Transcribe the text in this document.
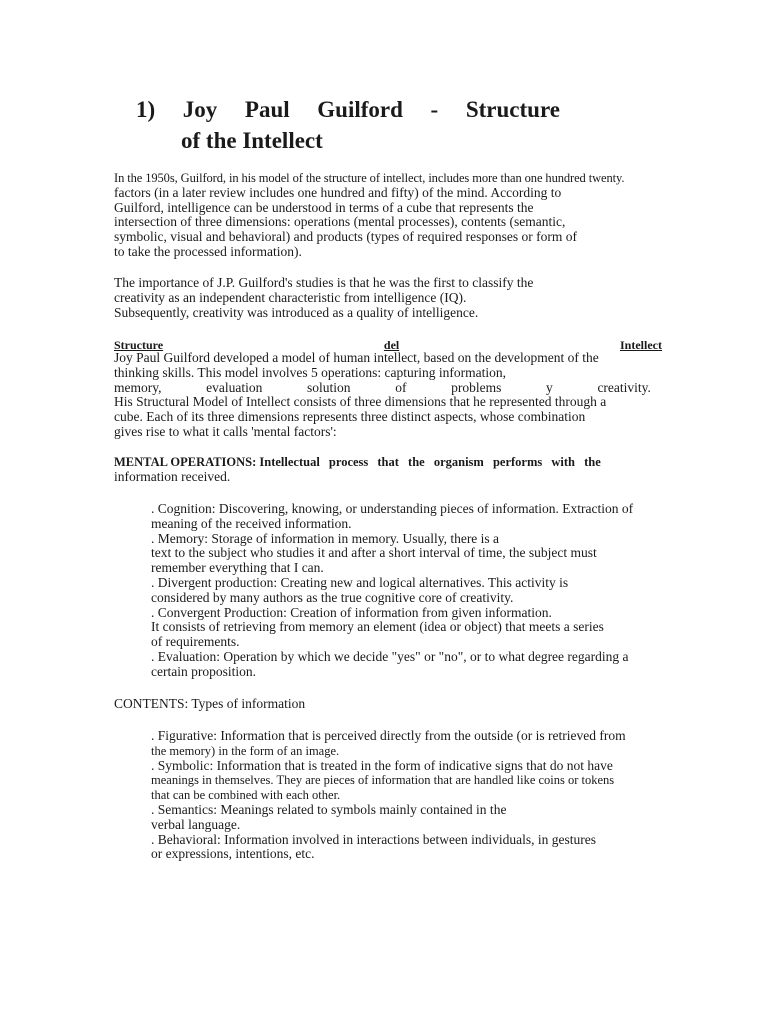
1) Joy Paul Guilford - Structure
of the Intellect
In the 1950s, Guilford, in his model of the structure of intellect, includes more than one hundred twenty.
factors (in a later review includes one hundred and fifty) of the mind. According to
Guilford, intelligence can be understood in terms of a cube that represents the
intersection of three dimensions: operations (mental processes), contents (semantic,
symbolic, visual and behavioral) and products (types of required responses or form of
to take the processed information).
The importance of J.P. Guilford's studies is that he was the first to classify the
creativity as an independent characteristic from intelligence (IQ).
Subsequently, creativity was introduced as a quality of intelligence.
Structure	del	Intellect
Joy Paul Guilford developed a model of human intellect, based on the development of the
thinking skills. This model involves 5 operations: capturing information,
memory,	evaluation	solution	of	problems	y	creativity.
His Structural Model of Intellect consists of three dimensions that he represented through a
cube. Each of its three dimensions represents three distinct aspects, whose combination
gives rise to what it calls 'mental factors':
MENTAL OPERATIONS: Intellectual process that the organism performs with the
information received.
. Cognition: Discovering, knowing, or understanding pieces of information. Extraction of
meaning of the received information.
. Memory: Storage of information in memory. Usually, there is a
text to the subject who studies it and after a short interval of time, the subject must
remember everything that I can.
. Divergent production: Creating new and logical alternatives. This activity is
considered by many authors as the true cognitive core of creativity.
. Convergent Production: Creation of information from given information.
It consists of retrieving from memory an element (idea or object) that meets a series
of requirements.
. Evaluation: Operation by which we decide "yes" or "no", or to what degree regarding a
certain proposition.
CONTENTS: Types of information
. Figurative: Information that is perceived directly from the outside (or is retrieved from
the memory) in the form of an image.
. Symbolic: Information that is treated in the form of indicative signs that do not have
meanings in themselves. They are pieces of information that are handled like coins or tokens
that can be combined with each other.
. Semantics: Meanings related to symbols mainly contained in the
verbal language.
. Behavioral: Information involved in interactions between individuals, in gestures
or expressions, intentions, etc.
